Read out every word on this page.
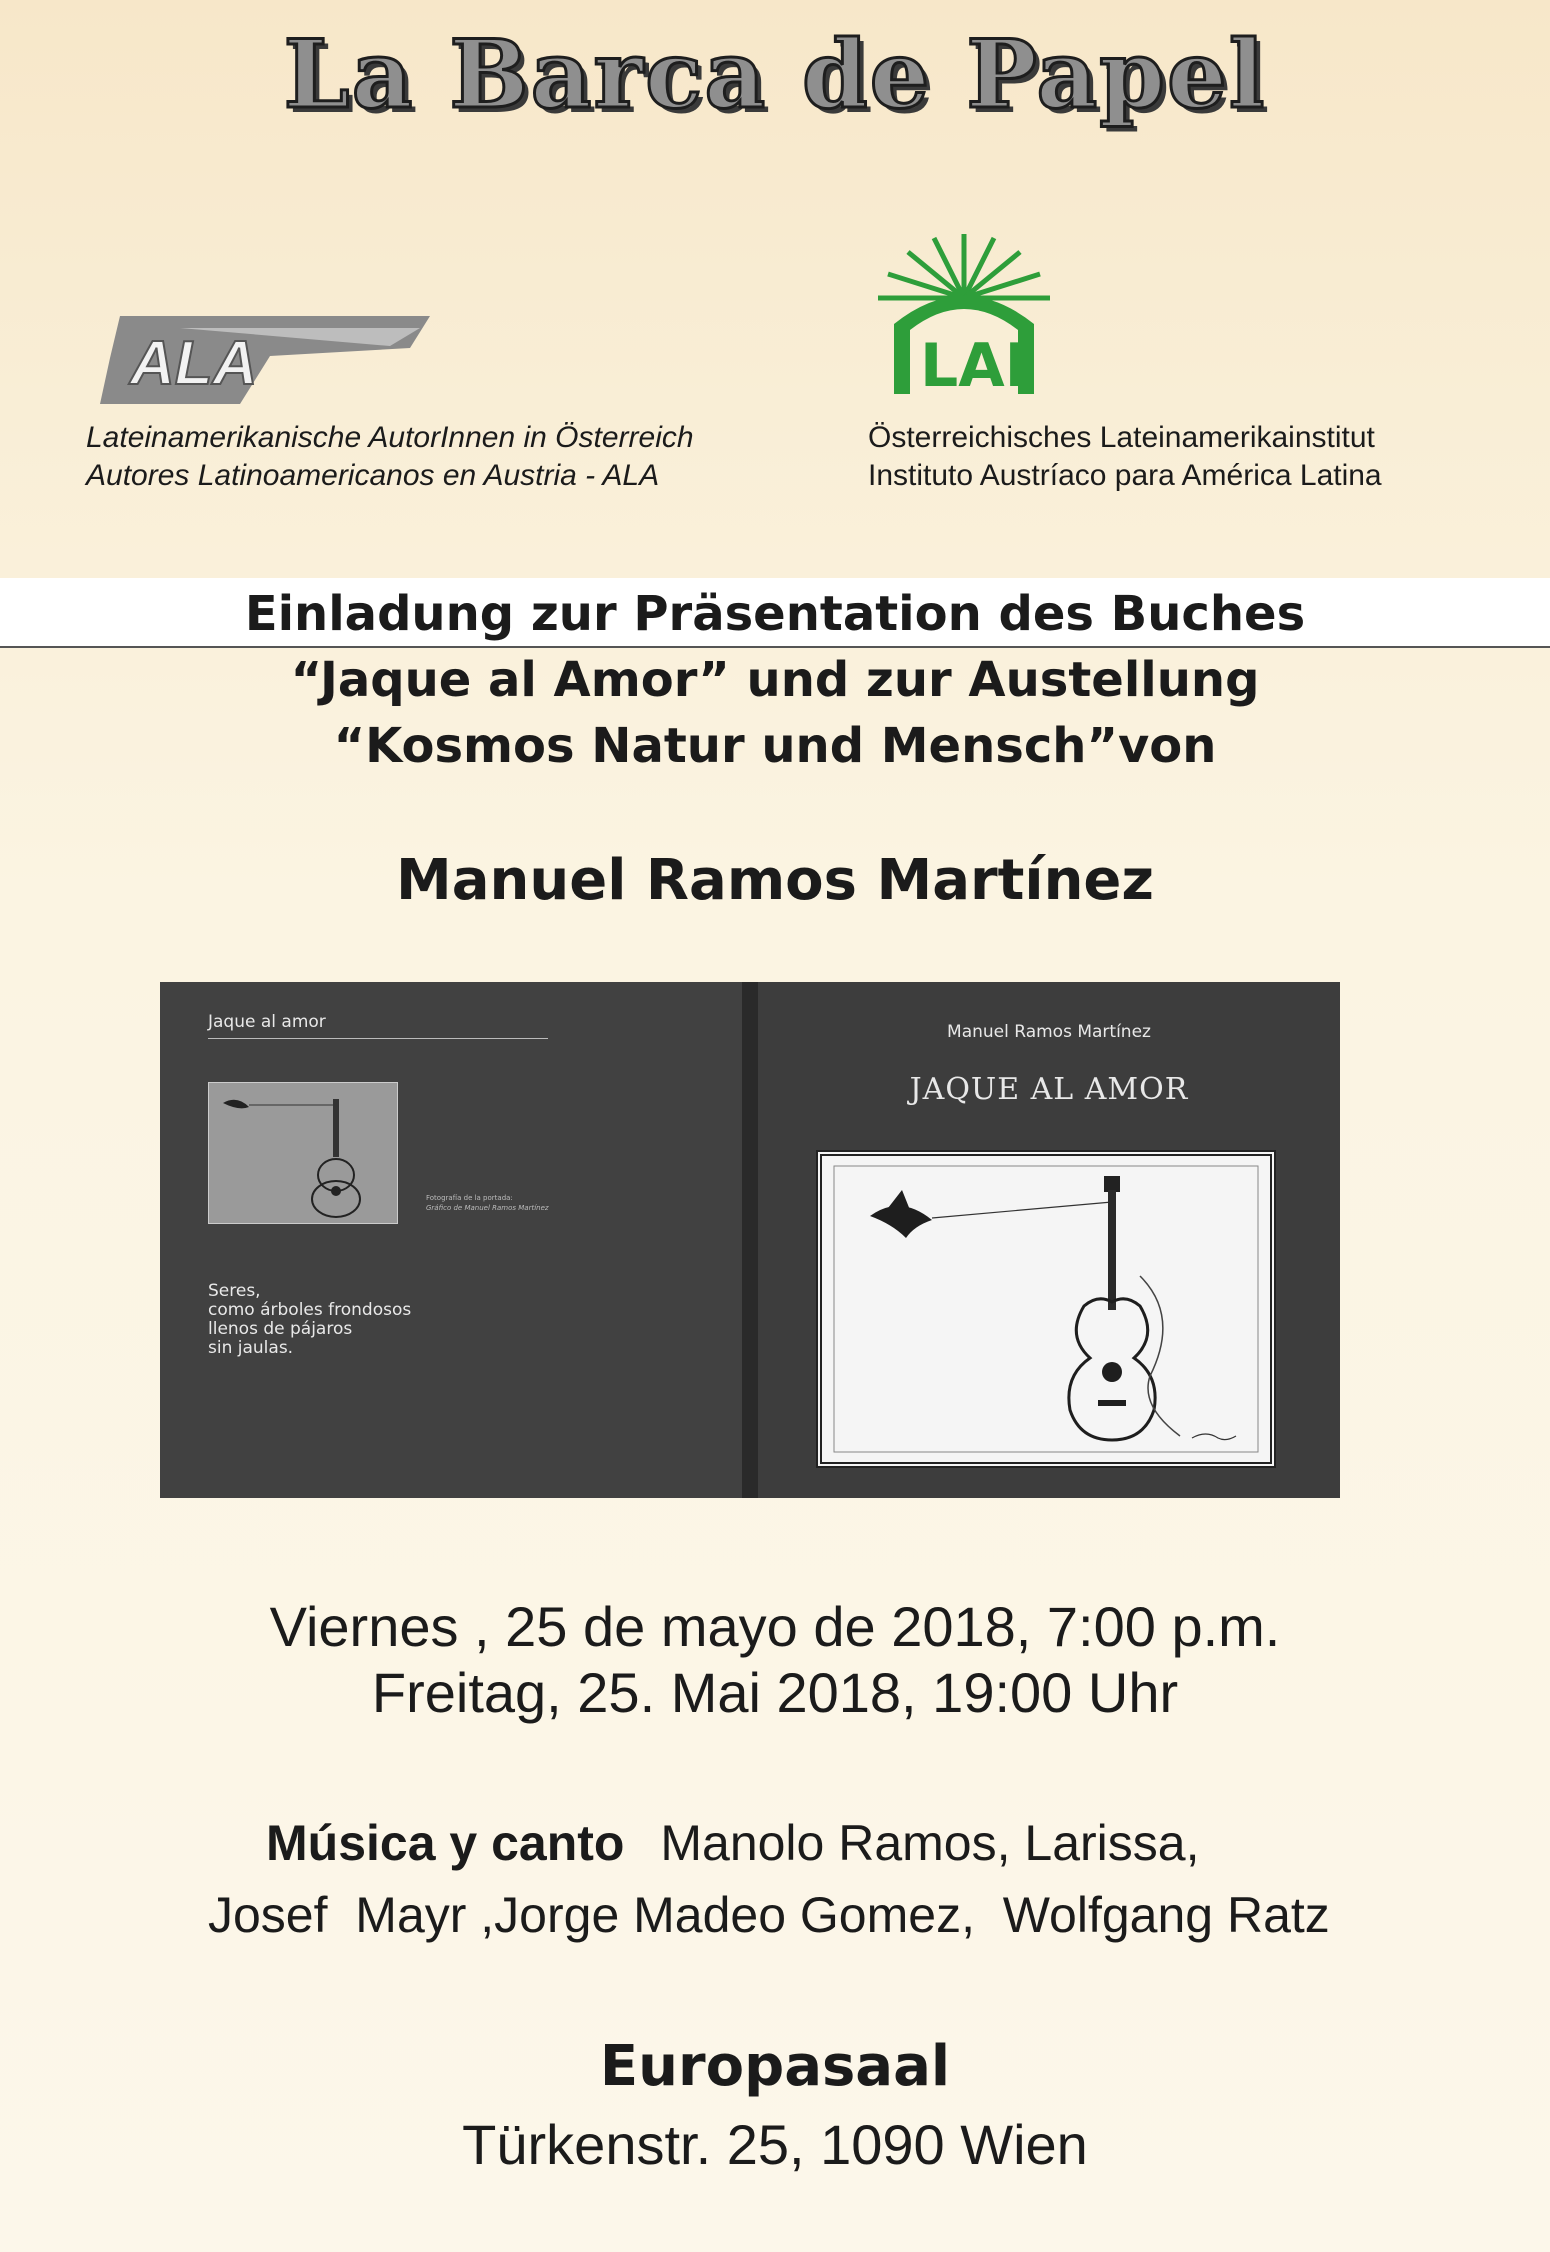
La Barca de Papel
ALA	LAI
Lateinamerikanische AutorInnen in Österreich
Autores Latinoamericanos en Austria - ALA
Österreichisches Lateinamerikainstitut
Instituto Austríaco para América Latina
Einladung zur Präsentation des Buches
“Jaque al Amor” und zur Austellung
“Kosmos Natur und Mensch”von
Manuel Ramos Martínez
Jaque al amor
Fotografía de la portada:
Gráfico de Manuel Ramos Martínez
Seres,
como árboles frondosos
llenos de pájaros
sin jaulas.
Manuel Ramos Martínez
JAQUE AL AMOR
Viernes , 25 de mayo de 2018, 7:00 p.m.
Freitag, 25. Mai 2018, 19:00 Uhr
Música y canto Manolo Ramos, Larissa,
Josef  Mayr ,Jorge Madeo Gomez,  Wolfgang Ratz
Europasaal
Türkenstr. 25, 1090 Wien
